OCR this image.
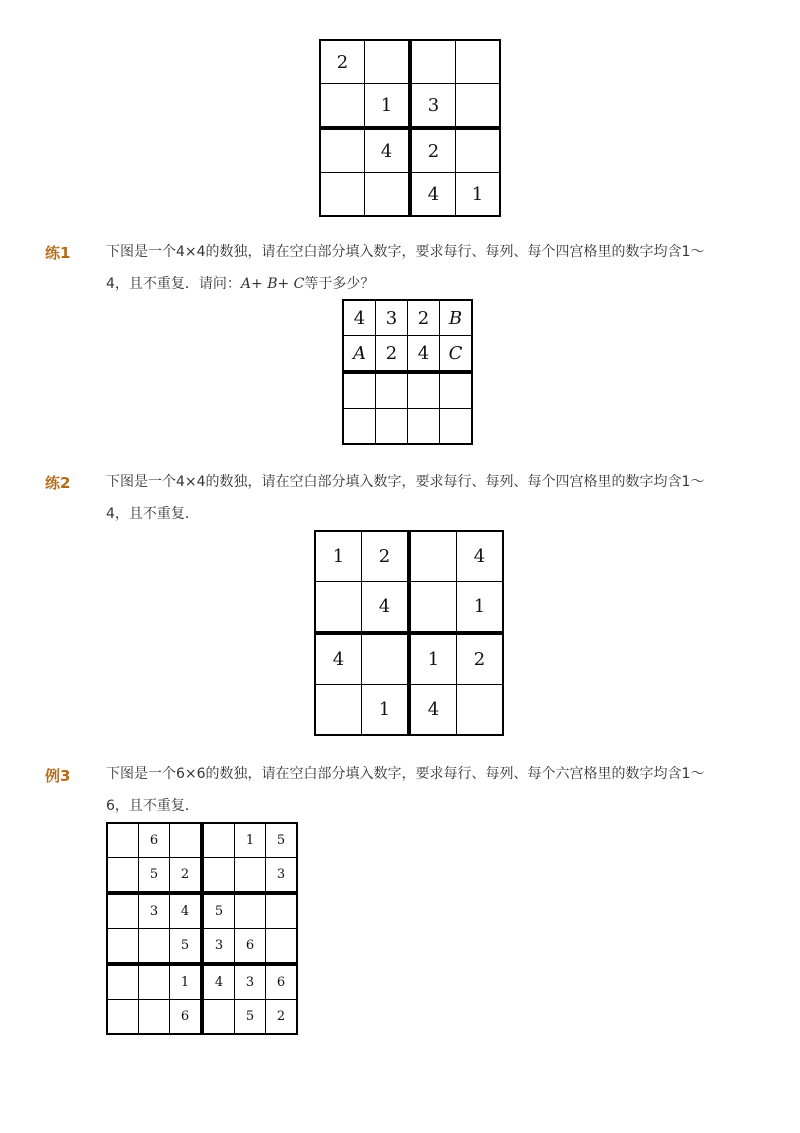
2			
	1	3	
	4	2	
		4	1
练1	下图是一个4×4的数独，请在空白部分填入数字，要求每行、每列、每个四宫格里的数字均含1～
4，且不重复．请问：A+ B+ C等于多少？
4	3	2	B
A	2	4	C

练2	下图是一个4×4的数独，请在空白部分填入数字，要求每行、每列、每个四宫格里的数字均含1～
4，且不重复．
1	2		4
	4		1
4		1	2
	1	4	
例3	下图是一个6×6的数独，请在空白部分填入数字，要求每行、每列、每个六宫格里的数字均含1～
6，且不重复．
	6			1	5
	5	2			3
	3	4	5		
		5	3	6	
		1	4	3	6
		6		5	2
